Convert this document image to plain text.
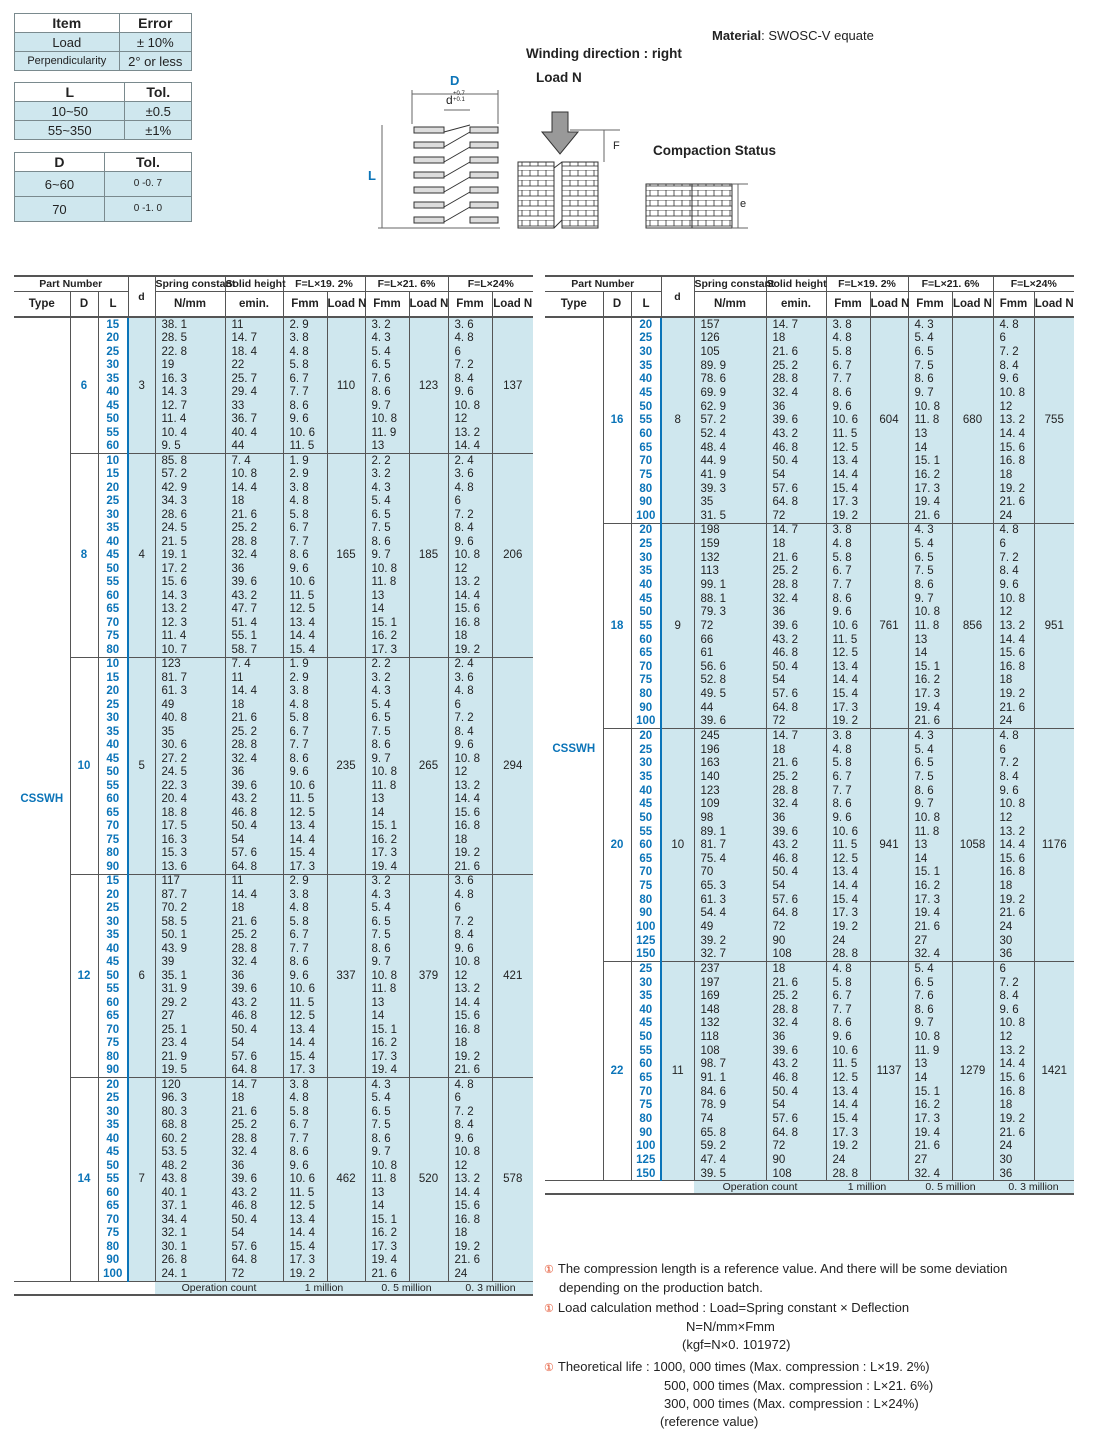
Item	Error
Load	± 10%
Perpendicularity	2° or less
L	Tol.
10~50	±0.5
55~350	±1%
D	Tol.
6~60	0 -0. 7
70	0 -1. 0
Material: SWOSC-V equate
Winding direction : right
Load N
Compaction Status
D
d +0.7 +0.1
L
F
e
Part Number			d	Spring constant	Solid height	F=L×19. 2%		F=L×21. 6%		F=L×24%	
Type	D	L		N/mm	emin.	Fmm	Load N	Fmm	Load N	Fmm	Load N
CSSWH	6	15	3	38. 1	11	2. 9	110	3. 2	123	3. 6	137
		20		28. 5	14. 7	3. 8		4. 3		4. 8	
		25		22. 8	18. 4	4. 8		5. 4		6	
		30		19	22	5. 8		6. 5		7. 2	
		35		16. 3	25. 7	6. 7		7. 6		8. 4	
		40		14. 3	29. 4	7. 7		8. 6		9. 6	
		45		12. 7	33	8. 6		9. 7		10. 8	
		50		11. 4	36. 7	9. 6		10. 8		12	
		55		10. 4	40. 4	10. 6		11. 9		13. 2	
		60		9. 5	44	11. 5		13		14. 4	
	8	10	4	85. 8	7. 4	1. 9	165	2. 2	185	2. 4	206
		15		57. 2	10. 8	2. 9		3. 2		3. 6	
		20		42. 9	14. 4	3. 8		4. 3		4. 8	
		25		34. 3	18	4. 8		5. 4		6	
		30		28. 6	21. 6	5. 8		6. 5		7. 2	
		35		24. 5	25. 2	6. 7		7. 5		8. 4	
		40		21. 5	28. 8	7. 7		8. 6		9. 6	
		45		19. 1	32. 4	8. 6		9. 7		10. 8	
		50		17. 2	36	9. 6		10. 8		12	
		55		15. 6	39. 6	10. 6		11. 8		13. 2	
		60		14. 3	43. 2	11. 5		13		14. 4	
		65		13. 2	47. 7	12. 5		14		15. 6	
		70		12. 3	51. 4	13. 4		15. 1		16. 8	
		75		11. 4	55. 1	14. 4		16. 2		18	
		80		10. 7	58. 7	15. 4		17. 3		19. 2	
	10	10	5	123	7. 4	1. 9	235	2. 2	265	2. 4	294
		15		81. 7	11	2. 9		3. 2		3. 6	
		20		61. 3	14. 4	3. 8		4. 3		4. 8	
		25		49	18	4. 8		5. 4		6	
		30		40. 8	21. 6	5. 8		6. 5		7. 2	
		35		35	25. 2	6. 7		7. 5		8. 4	
		40		30. 6	28. 8	7. 7		8. 6		9. 6	
		45		27. 2	32. 4	8. 6		9. 7		10. 8	
		50		24. 5	36	9. 6		10. 8		12	
		55		22. 3	39. 6	10. 6		11. 8		13. 2	
		60		20. 4	43. 2	11. 5		13		14. 4	
		65		18. 8	46. 8	12. 5		14		15. 6	
		70		17. 5	50. 4	13. 4		15. 1		16. 8	
		75		16. 3	54	14. 4		16. 2		18	
		80		15. 3	57. 6	15. 4		17. 3		19. 2	
		90		13. 6	64. 8	17. 3		19. 4		21. 6	
	12	15	6	117	11	2. 9	337	3. 2	379	3. 6	421
		20		87. 7	14. 4	3. 8		4. 3		4. 8	
		25		70. 2	18	4. 8		5. 4		6	
		30		58. 5	21. 6	5. 8		6. 5		7. 2	
		35		50. 1	25. 2	6. 7		7. 5		8. 4	
		40		43. 9	28. 8	7. 7		8. 6		9. 6	
		45		39	32. 4	8. 6		9. 7		10. 8	
		50		35. 1	36	9. 6		10. 8		12	
		55		31. 9	39. 6	10. 6		11. 8		13. 2	
		60		29. 2	43. 2	11. 5		13		14. 4	
		65		27	46. 8	12. 5		14		15. 6	
		70		25. 1	50. 4	13. 4		15. 1		16. 8	
		75		23. 4	54	14. 4		16. 2		18	
		80		21. 9	57. 6	15. 4		17. 3		19. 2	
		90		19. 5	64. 8	17. 3		19. 4		21. 6	
	14	20	7	120	14. 7	3. 8	462	4. 3	520	4. 8	578
		25		96. 3	18	4. 8		5. 4		6	
		30		80. 3	21. 6	5. 8		6. 5		7. 2	
		35		68. 8	25. 2	6. 7		7. 5		8. 4	
		40		60. 2	28. 8	7. 7		8. 6		9. 6	
		45		53. 5	32. 4	8. 6		9. 7		10. 8	
		50		48. 2	36	9. 6		10. 8		12	
		55		43. 8	39. 6	10. 6		11. 8		13. 2	
		60		40. 1	43. 2	11. 5		13		14. 4	
		65		37. 1	46. 8	12. 5		14		15. 6	
		70		34. 4	50. 4	13. 4		15. 1		16. 8	
		75		32. 1	54	14. 4		16. 2		18	
		80		30. 1	57. 6	15. 4		17. 3		19. 2	
		90		26. 8	64. 8	17. 3		19. 4		21. 6	
		100		24. 1	72	19. 2		21. 6		24	
				Operation count		1 million		0. 5 million		0. 3 million	
Part Number			d	Spring constant	Solid height	F=L×19. 2%		F=L×21. 6%		F=L×24%	
Type	D	L		N/mm	emin.	Fmm	Load N	Fmm	Load N	Fmm	Load N
CSSWH	16	20	8	157	14. 7	3. 8	604	4. 3	680	4. 8	755
		25		126	18	4. 8		5. 4		6	
		30		105	21. 6	5. 8		6. 5		7. 2	
		35		89. 9	25. 2	6. 7		7. 5		8. 4	
		40		78. 6	28. 8	7. 7		8. 6		9. 6	
		45		69. 9	32. 4	8. 6		9. 7		10. 8	
		50		62. 9	36	9. 6		10. 8		12	
		55		57. 2	39. 6	10. 6		11. 8		13. 2	
		60		52. 4	43. 2	11. 5		13		14. 4	
		65		48. 4	46. 8	12. 5		14		15. 6	
		70		44. 9	50. 4	13. 4		15. 1		16. 8	
		75		41. 9	54	14. 4		16. 2		18	
		80		39. 3	57. 6	15. 4		17. 3		19. 2	
		90		35	64. 8	17. 3		19. 4		21. 6	
		100		31. 5	72	19. 2		21. 6		24	
	18	20	9	198	14. 7	3. 8	761	4. 3	856	4. 8	951
		25		159	18	4. 8		5. 4		6	
		30		132	21. 6	5. 8		6. 5		7. 2	
		35		113	25. 2	6. 7		7. 5		8. 4	
		40		99. 1	28. 8	7. 7		8. 6		9. 6	
		45		88. 1	32. 4	8. 6		9. 7		10. 8	
		50		79. 3	36	9. 6		10. 8		12	
		55		72	39. 6	10. 6		11. 8		13. 2	
		60		66	43. 2	11. 5		13		14. 4	
		65		61	46. 8	12. 5		14		15. 6	
		70		56. 6	50. 4	13. 4		15. 1		16. 8	
		75		52. 8	54	14. 4		16. 2		18	
		80		49. 5	57. 6	15. 4		17. 3		19. 2	
		90		44	64. 8	17. 3		19. 4		21. 6	
		100		39. 6	72	19. 2		21. 6		24	
	20	20	10	245	14. 7	3. 8	941	4. 3	1058	4. 8	1176
		25		196	18	4. 8		5. 4		6	
		30		163	21. 6	5. 8		6. 5		7. 2	
		35		140	25. 2	6. 7		7. 5		8. 4	
		40		123	28. 8	7. 7		8. 6		9. 6	
		45		109	32. 4	8. 6		9. 7		10. 8	
		50		98	36	9. 6		10. 8		12	
		55		89. 1	39. 6	10. 6		11. 8		13. 2	
		60		81. 7	43. 2	11. 5		13		14. 4	
		65		75. 4	46. 8	12. 5		14		15. 6	
		70		70	50. 4	13. 4		15. 1		16. 8	
		75		65. 3	54	14. 4		16. 2		18	
		80		61. 3	57. 6	15. 4		17. 3		19. 2	
		90		54. 4	64. 8	17. 3		19. 4		21. 6	
		100		49	72	19. 2		21. 6		24	
		125		39. 2	90	24		27		30	
		150		32. 7	108	28. 8		32. 4		36	
	22	25	11	237	18	4. 8	1137	5. 4	1279	6	1421
		30		197	21. 6	5. 8		6. 5		7. 2	
		35		169	25. 2	6. 7		7. 6		8. 4	
		40		148	28. 8	7. 7		8. 6		9. 6	
		45		132	32. 4	8. 6		9. 7		10. 8	
		50		118	36	9. 6		10. 8		12	
		55		108	39. 6	10. 6		11. 9		13. 2	
		60		98. 7	43. 2	11. 5		13		14. 4	
		65		91. 1	46. 8	12. 5		14		15. 6	
		70		84. 6	50. 4	13. 4		15. 1		16. 8	
		75		78. 9	54	14. 4		16. 2		18	
		80		74	57. 6	15. 4		17. 3		19. 2	
		90		65. 8	64. 8	17. 3		19. 4		21. 6	
		100		59. 2	72	19. 2		21. 6		24	
		125		47. 4	90	24		27		30	
		150		39. 5	108	28. 8		32. 4		36	
				Operation count		1 million		0. 5 million		0. 3 million	
① The compression length is a reference value. And there will be some deviation
depending on the production batch.
① Load calculation method : Load=Spring constant × Deflection
N=N/mm×Fmm
(kgf=N×0. 101972)
① Theoretical life : 1000, 000 times (Max. compression : L×19. 2%)
500, 000 times (Max. compression : L×21. 6%)
300, 000 times (Max. compression : L×24%)
(reference value)
